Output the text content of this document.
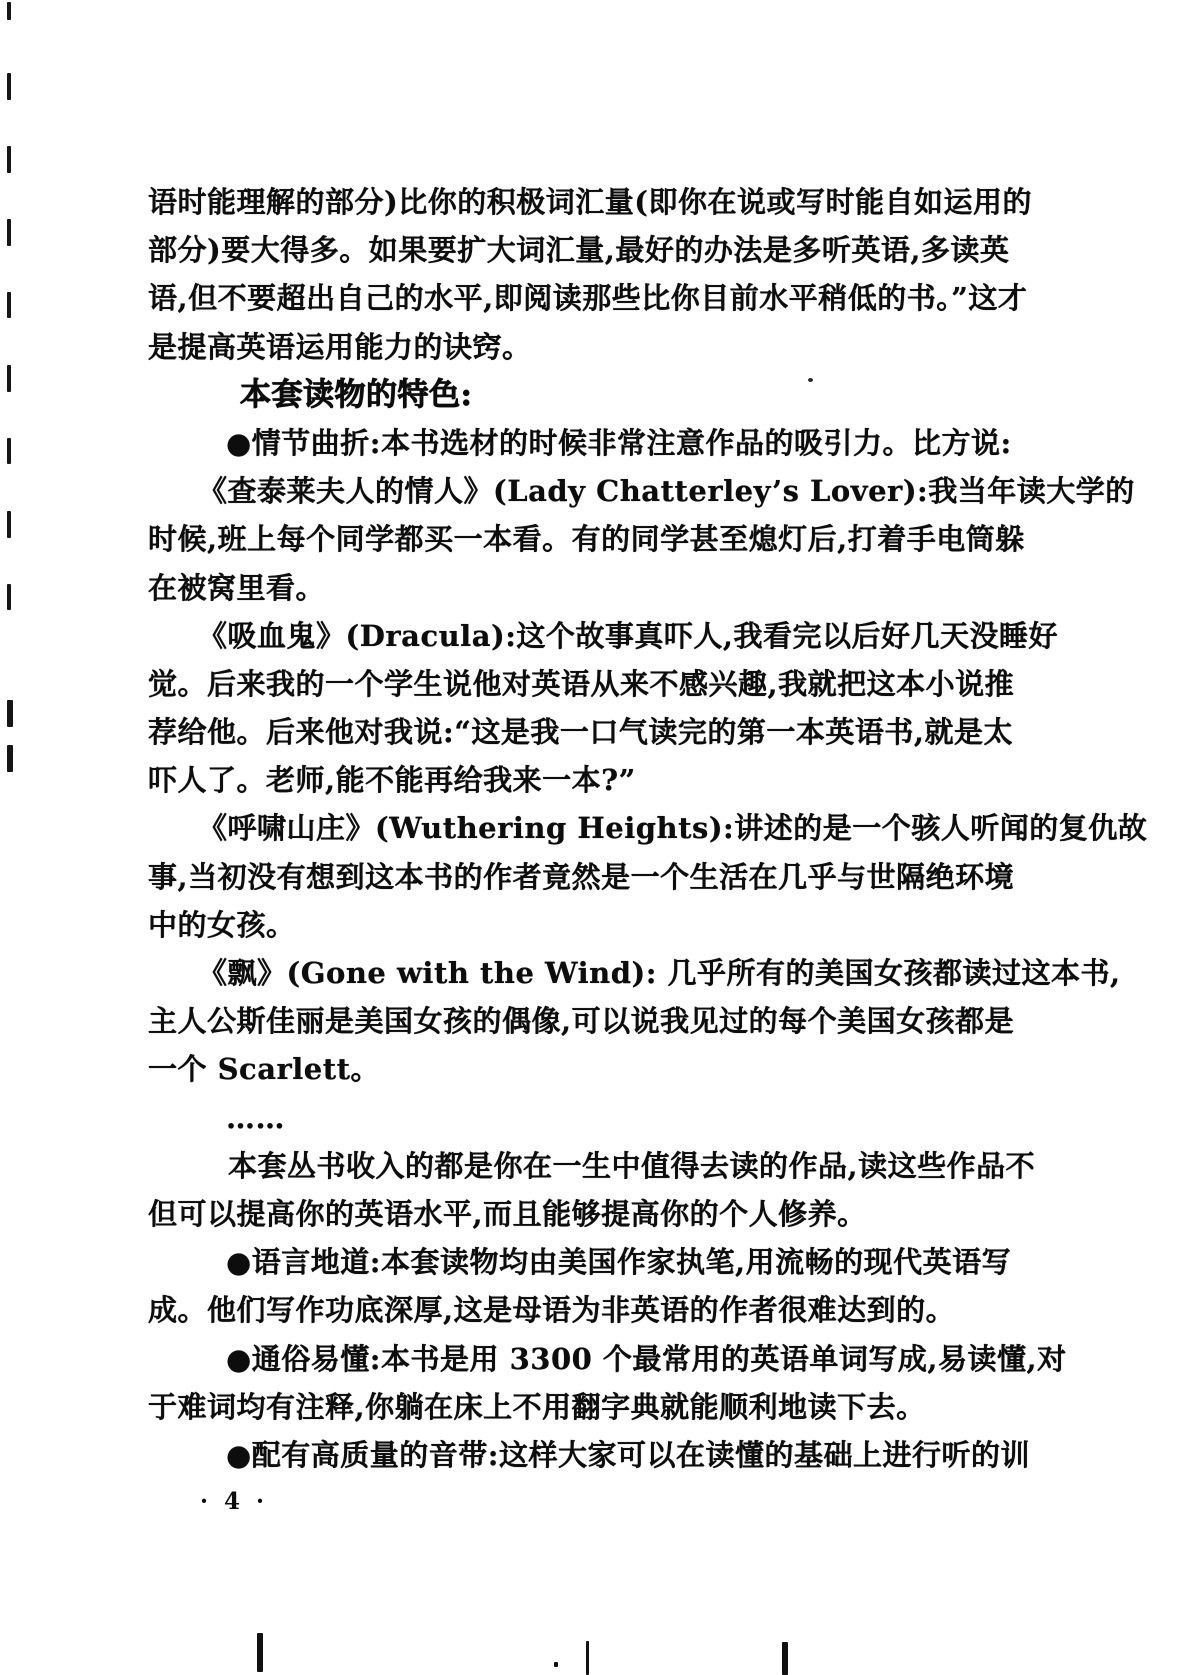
语时能理解的部分)比你的积极词汇量(即你在说或写时能自如运用的
部分)要大得多。如果要扩大词汇量,最好的办法是多听英语,多读英
语,但不要超出自己的水平,即阅读那些比你目前水平稍低的书。”这才
是提高英语运用能力的诀窍。
本套读物的特色:
●情节曲折:本书选材的时候非常注意作品的吸引力。比方说:
《查泰莱夫人的情人》(Lady Chatterley’s Lover):我当年读大学的
时候,班上每个同学都买一本看。有的同学甚至熄灯后,打着手电筒躲
在被窝里看。
《吸血鬼》(Dracula):这个故事真吓人,我看完以后好几天没睡好
觉。后来我的一个学生说他对英语从来不感兴趣,我就把这本小说推
荐给他。后来他对我说:“这是我一口气读完的第一本英语书,就是太
吓人了。老师,能不能再给我来一本?”
《呼啸山庄》(Wuthering Heights):讲述的是一个骇人听闻的复仇故
事,当初没有想到这本书的作者竟然是一个生活在几乎与世隔绝环境
中的女孩。
《飘》(Gone with the Wind): 几乎所有的美国女孩都读过这本书,
主人公斯佳丽是美国女孩的偶像,可以说我见过的每个美国女孩都是
一个 Scarlett。
……
本套丛书收入的都是你在一生中值得去读的作品,读这些作品不
但可以提高你的英语水平,而且能够提高你的个人修养。
●语言地道:本套读物均由美国作家执笔,用流畅的现代英语写
成。他们写作功底深厚,这是母语为非英语的作者很难达到的。
●通俗易懂:本书是用 3300 个最常用的英语单词写成,易读懂,对
于难词均有注释,你躺在床上不用翻字典就能顺利地读下去。
●配有高质量的音带:这样大家可以在读懂的基础上进行听的训
· 4 ·
